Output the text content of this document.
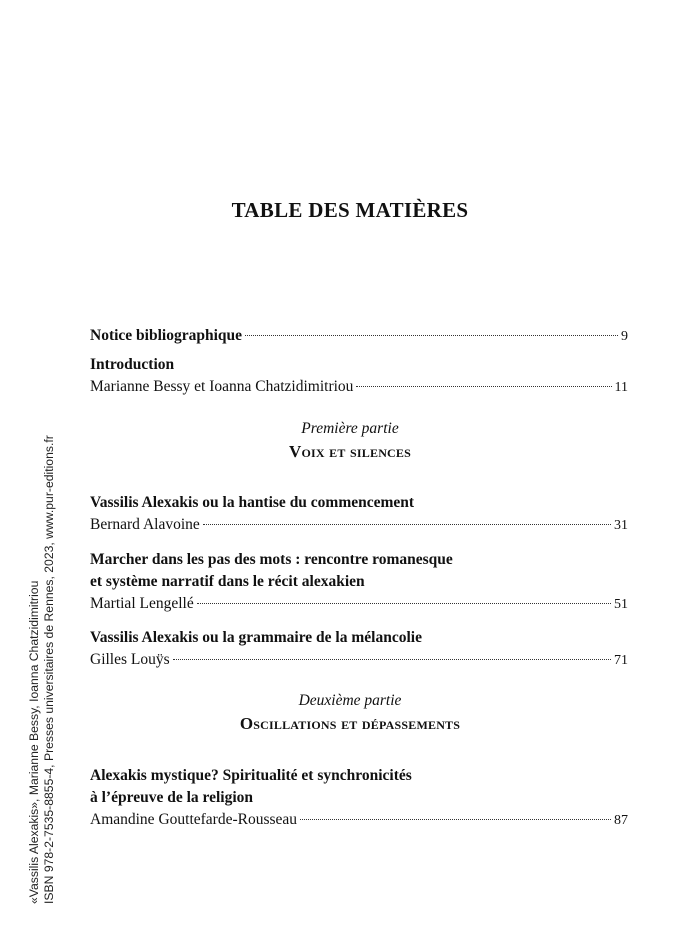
«Vassilis Alexakis», Marianne Bessy, Ioanna Chatzidimitriou ISBN 978-2-7535-8855-4, Presses universitaires de Rennes, 2023, www.pur-editions.fr
TABLE DES MATIÈRES
Notice bibliographique	9
Introduction
Marianne Bessy et Ioanna Chatzidimitriou	11
Première partie
Voix et silences
Vassilis Alexakis ou la hantise du commencement
Bernard Alavoine	31
Marcher dans les pas des mots : rencontre romanesque
et système narratif dans le récit alexakien
Martial Lengellé	51
Vassilis Alexakis ou la grammaire de la mélancolie
Gilles Louÿs	71
Deuxième partie
Oscillations et dépassements
Alexakis mystique? Spiritualité et synchronicités
à l’épreuve de la religion
Amandine Gouttefarde-Rousseau	87
